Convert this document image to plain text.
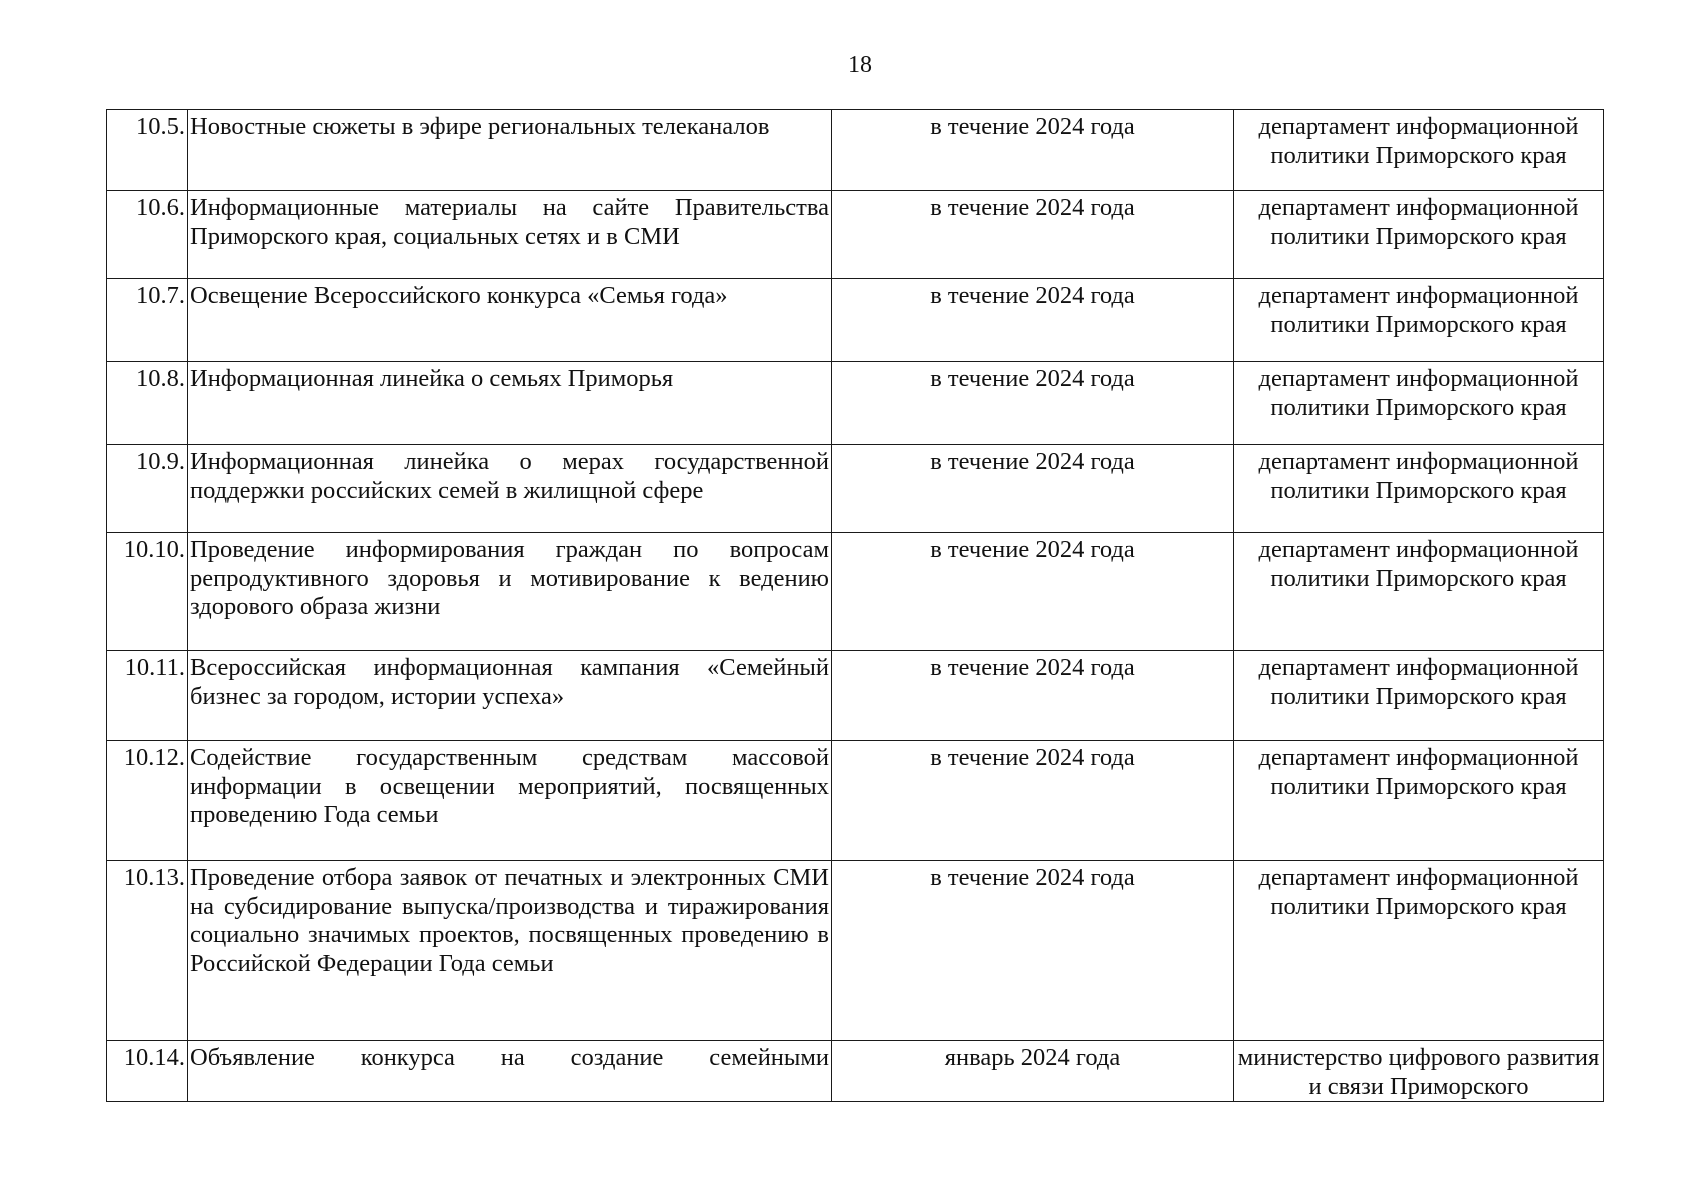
18
10.5.	Новостные сюжеты в эфире региональных телеканалов	в течение 2024 года	департамент информационной политики Приморского края
10.6.	Информационные материалы на сайте Правительства Приморского края, социальных сетях и в СМИ	в течение 2024 года	департамент информационной политики Приморского края
10.7.	Освещение Всероссийского конкурса «Семья года»	в течение 2024 года	департамент информационной политики Приморского края
10.8.	Информационная линейка о семьях Приморья	в течение 2024 года	департамент информационной политики Приморского края
10.9.	Информационная линейка о мерах государственной поддержки российских семей в жилищной сфере	в течение 2024 года	департамент информационной политики Приморского края
10.10.	Проведение информирования граждан по вопросам репродуктивного здоровья и мотивирование к ведению здорового образа жизни	в течение 2024 года	департамент информационной политики Приморского края
10.11.	Всероссийская информационная кампания «Семейный бизнес за городом, истории успеха»	в течение 2024 года	департамент информационной политики Приморского края
10.12.	Содействие государственным средствам массовой информации в освещении мероприятий, посвященных проведению Года семьи	в течение 2024 года	департамент информационной политики Приморского края
10.13.	Проведение отбора заявок от печатных и электронных СМИ на субсидирование выпуска/производства и тиражирования социально значимых проектов, посвященных проведению в Российской Федерации Года семьи	в течение 2024 года	департамент информационной политики Приморского края
10.14.	Объявление конкурса на создание семейными	январь 2024 года	министерство цифрового развития и связи Приморского
